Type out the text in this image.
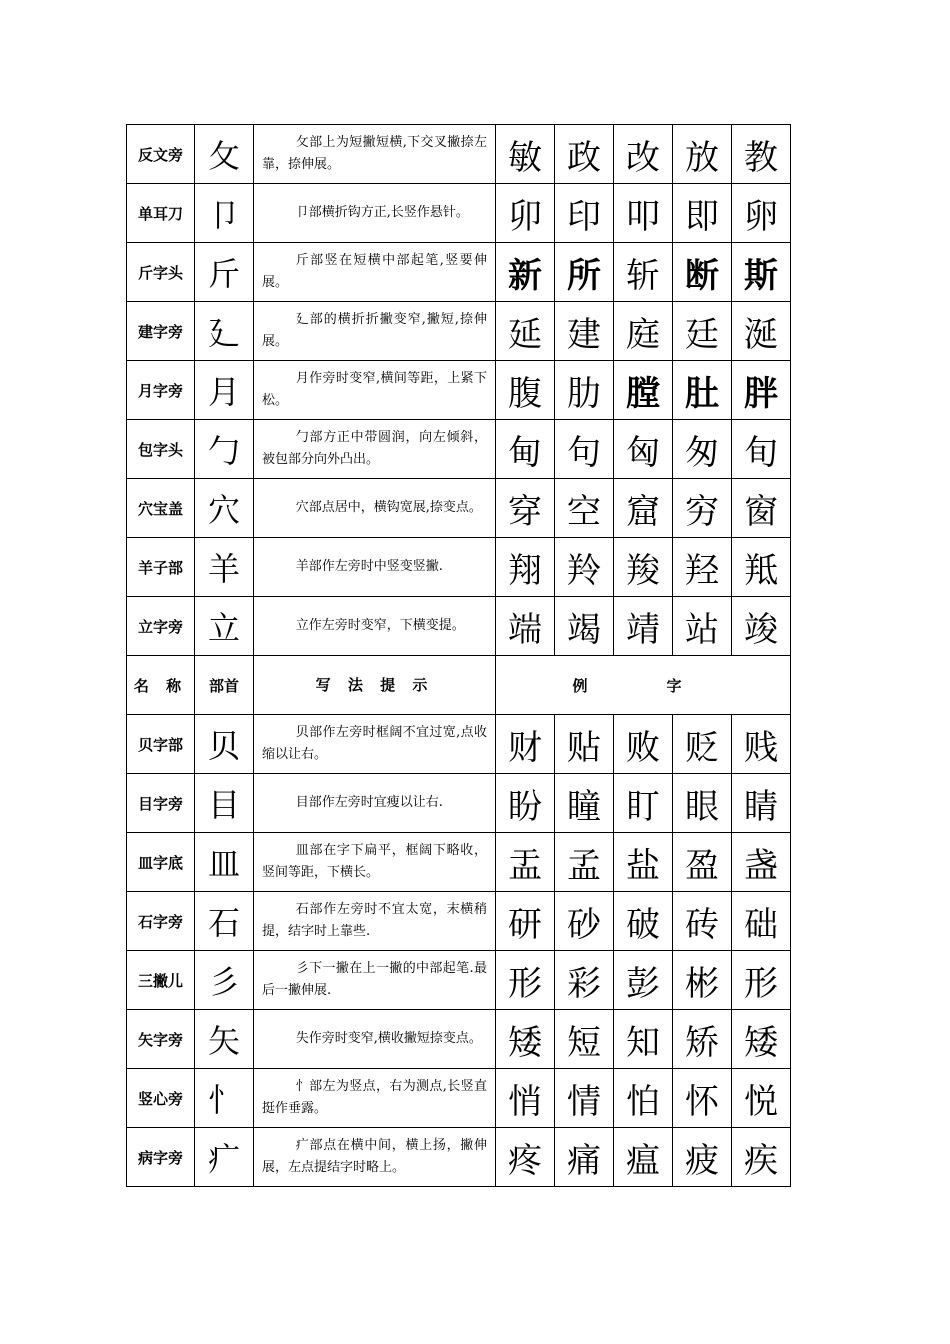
反文旁	攵	攵部上为短撇短横,下交叉撇捺左靠，捺伸展。	敏	政	改	放	教
单耳刀	卩	卩部横折钩方正,长竖作悬针。	卯	印	叩	即	卵
斤字头	斤	斤部竖在短横中部起笔,竖要伸展。	新	所	斩	断	斯
建字旁	廴	廴部的横折折撇变窄,撇短,捺伸展。	延	建	庭	廷	涎
月字旁	月	月作旁时变窄,横间等距，上紧下松。	腹	肋	膛	肚	胖
包字头	勹	勹部方正中带圆润，向左倾斜，被包部分向外凸出。	甸	句	匈	匆	旬
穴宝盖	穴	穴部点居中，横钩宽展,捺变点。	穿	空	窟	穷	窗
羊子部	羊	羊部作左旁时中竖变竖撇.	翔	羚	羧	羟	羝
立字旁	立	立作左旁时变窄，下横变提。	端	竭	靖	站	竣
名 称	部首	写 法 提 示	例　字				
贝字部	贝	贝部作左旁时框阔不宜过宽,点收缩以让右。	财	贴	败	贬	贱
目字旁	目	目部作左旁时宜瘦以让右.	盼	瞳	盯	眼	睛
皿字底	皿	皿部在字下扁平，框阔下略收，竖间等距，下横长。	盂	孟	盐	盈	盏
石字旁	石	石部作左旁时不宜太宽，末横稍提，结字时上靠些.	研	砂	破	砖	础
三撇儿	彡	彡下一撇在上一撇的中部起笔.最后一撇伸展.	形	彩	彭	彬	形
矢字旁	矢	失作旁时变窄,横收撇短捺变点。	矮	短	知	矫	矮
竖心旁	忄	忄部左为竖点，右为测点,长竖直挺作垂露。	悄	情	怕	怀	悦
病字旁	疒	疒部点在横中间，横上扬，撇伸展，左点提结字时略上。	疼	痛	瘟	疲	疾
